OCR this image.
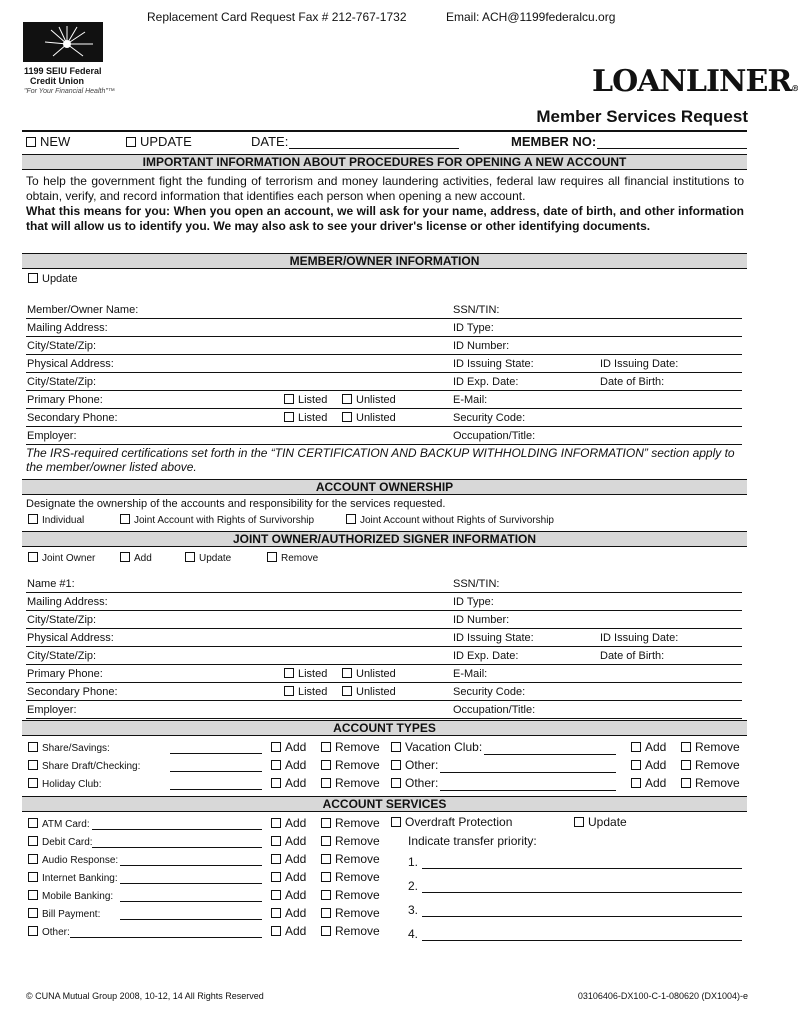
Replacement Card Request Fax # 212-767-1732	Email: ACH@1199federalcu.org
1199 SEIU Federal
Credit Union
"For Your Financial Health"™	LOANLINER®
Member Services Request
NEW	UPDATE	DATE:	MEMBER NO:
IMPORTANT INFORMATION ABOUT PROCEDURES FOR OPENING A NEW ACCOUNT
To help the government fight the funding of terrorism and money laundering activities, federal law requires all financial institutions to obtain, verify, and record information that identifies each person when opening a new account.
What this means for you: When you open an account, we will ask for your name, address, date of birth, and other information that will allow us to identify you. We may also ask to see your driver's license or other identifying documents.
MEMBER/OWNER INFORMATION
Update
Member/Owner Name:	SSN/TIN:
Mailing Address:	ID Type:
City/State/Zip:	ID Number:
Physical Address:	ID Issuing State:	ID Issuing Date:
City/State/Zip:	ID Exp. Date:	Date of Birth:
Primary Phone:	E-Mail:
Listed	Unlisted
Secondary Phone:	Security Code:
Listed	Unlisted
Employer:	Occupation/Title:
The IRS-required certifications set forth in the “TIN CERTIFICATION AND BACKUP WITHHOLDING INFORMATION” section apply to the member/owner listed above.
ACCOUNT OWNERSHIP
Designate the ownership of the accounts and responsibility for the services requested.
Individual	Joint Account with Rights of Survivorship	Joint Account without Rights of Survivorship
JOINT OWNER/AUTHORIZED SIGNER INFORMATION
Joint Owner	Add	Update	Remove
Name #1:	SSN/TIN:
Mailing Address:	ID Type:
City/State/Zip:	ID Number:
Physical Address:	ID Issuing State:	ID Issuing Date:
City/State/Zip:	ID Exp. Date:	Date of Birth:
Primary Phone:	E-Mail:
Listed	Unlisted
Secondary Phone:	Security Code:
Listed	Unlisted
Employer:	Occupation/Title:
ACCOUNT TYPES
Share/Savings:	Add	Remove	Vacation Club:	Add	Remove
Share Draft/Checking:	Add	Remove	Other:	Add	Remove
Holiday Club:	Add	Remove	Other:	Add	Remove
ACCOUNT SERVICES
ATM Card:	Add	Remove
Debit Card:	Add	Remove
Audio Response:	Add	Remove
Internet Banking:	Add	Remove
Mobile Banking:	Add	Remove
Bill Payment:	Add	Remove
Other:	Add	Remove
Overdraft Protection	Update
Indicate transfer priority:
1.
2.
3.
4.
© CUNA Mutual Group 2008, 10-12, 14 All Rights Reserved	03106406-DX100-C-1-080620 (DX1004)-e
